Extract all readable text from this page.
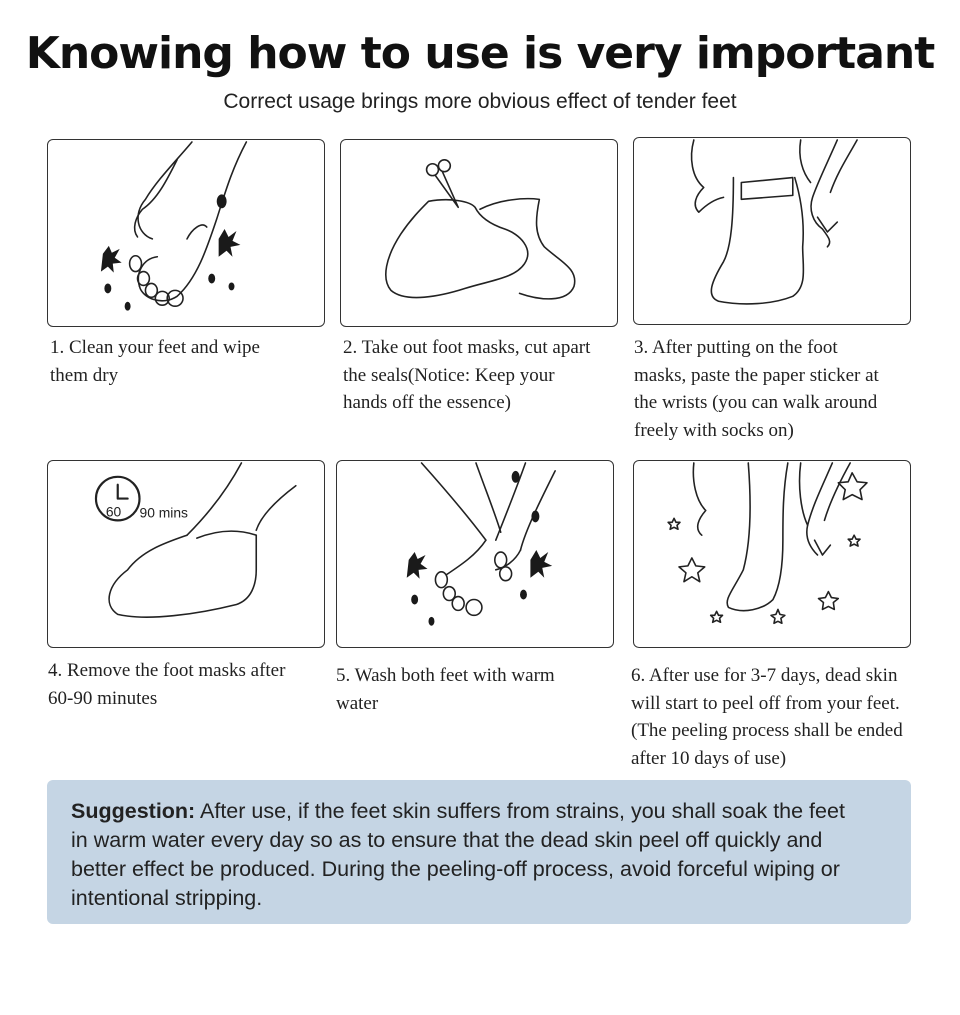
Knowing how to use is very important
Correct usage brings more obvious effect of tender feet
1. Clean your feet and wipe
them dry
2. Take out foot masks, cut apart
the seals(Notice: Keep your
hands off the essence)
3. After putting on the foot
masks, paste the paper sticker at
the wrists (you can walk around
freely with socks on)
60 90 mins
4. Remove the foot masks after
60-90 minutes
5. Wash both feet with warm
water
6. After use for 3-7 days, dead skin
will start to peel off from your feet.
(The peeling process shall be ended
after 10 days of use)
Suggestion: After use, if the feet skin suffers from strains, you shall soak the feet
in warm water every day so as to ensure that the dead skin peel off quickly and
better effect be produced. During the peeling-off process, avoid forceful wiping or
intentional stripping.
